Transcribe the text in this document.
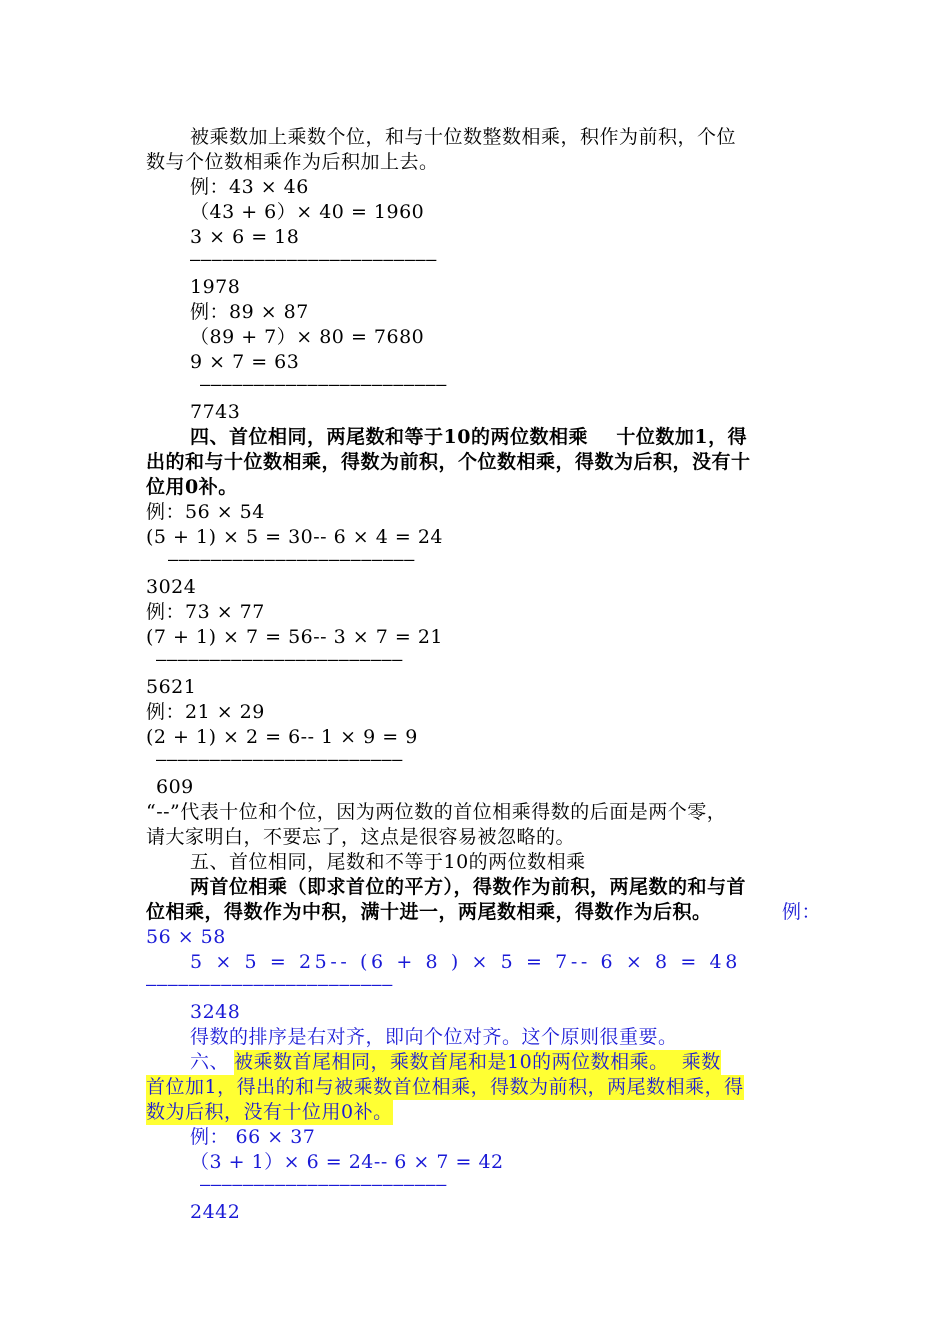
被乘数加上乘数个位，和与十位数整数相乘，积作为前积，个位
数与个位数相乘作为后积加上去。
例：43 × 46
（43 + 6）× 40 = 1960
3 × 6 = 18
———————————————————————
1978
例：89 × 87
（89 + 7）× 80 = 7680
9 × 7 = 63
———————————————————————
7743
四、首位相同，两尾数和等于10的两位数相乘    十位数加1，得
出的和与十位数相乘，得数为前积，个位数相乘，得数为后积，没有十
位用0补。
例：56 × 54
(5 + 1) × 5 = 30-- 6 × 4 = 24
———————————————————————
3024
例：73 × 77
(7 + 1) × 7 = 56-- 3 × 7 = 21
———————————————————————
5621
例：21 × 29
(2 + 1) × 2 = 6-- 1 × 9 = 9
———————————————————————
609
“--”代表十位和个位，因为两位数的首位相乘得数的后面是两个零，
请大家明白，不要忘了，这点是很容易被忽略的。
五、首位相同，尾数和不等于10的两位数相乘
两首位相乘（即求首位的平方），得数作为前积，两尾数的和与首
位相乘，得数作为中积，满十进一，两尾数相乘，得数作为后积。	例：
56 × 58
5 × 5 = 25-- (6 + 8 ) × 5 = 7-- 6 × 8 = 48
———————————————————————
3248
得数的排序是右对齐，即向个位对齐。这个原则很重要。
六、 被乘数首尾相同，乘数首尾和是10的两位数相乘。  乘数
首位加1，得出的和与被乘数首位相乘，得数为前积，两尾数相乘，得
数为后积，没有十位用0补。
例： 66 × 37
（3 + 1）× 6 = 24-- 6 × 7 = 42
———————————————————————
2442
